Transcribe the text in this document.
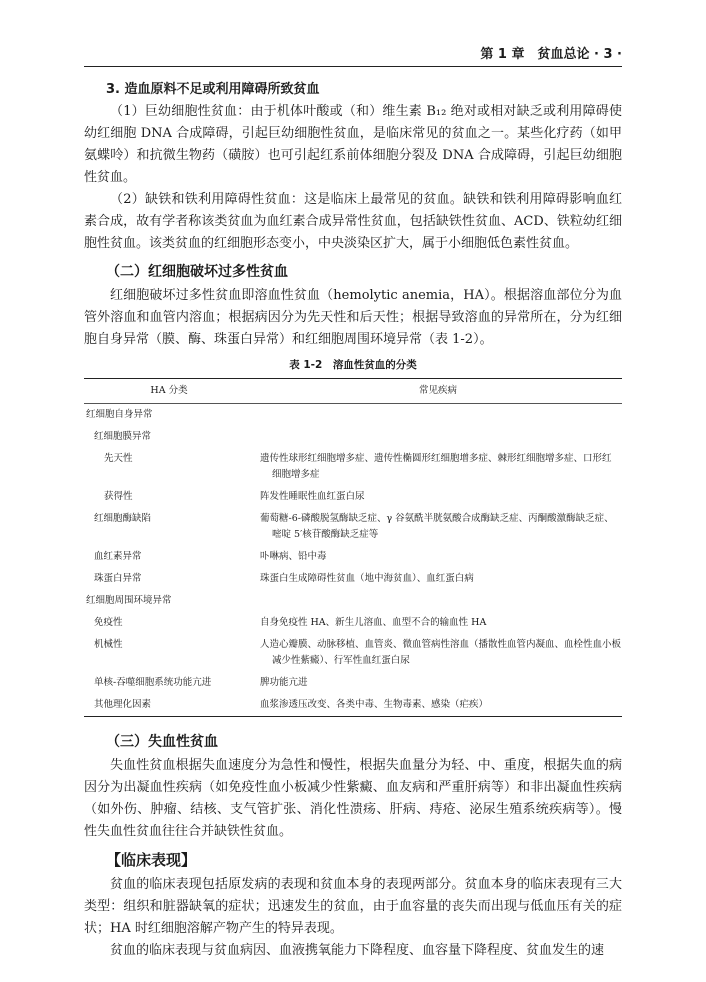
第 1 章　贫血总论 · 3 ·
3. 造血原料不足或利用障碍所致贫血

（1）巨幼细胞性贫血：由于机体叶酸或（和）维生素 B₁₂ 绝对或相对缺乏或利用障碍使幼红细胞 DNA 合成障碍，引起巨幼细胞性贫血，是临床常见的贫血之一。某些化疗药（如甲氨蝶呤）和抗微生物药（磺胺）也可引起红系前体细胞分裂及 DNA 合成障碍，引起巨幼细胞性贫血。

（2）缺铁和铁利用障碍性贫血：这是临床上最常见的贫血。缺铁和铁利用障碍影响血红素合成，故有学者称该类贫血为血红素合成异常性贫血，包括缺铁性贫血、ACD、铁粒幼红细胞性贫血。该类贫血的红细胞形态变小，中央淡染区扩大，属于小细胞低色素性贫血。

（二）红细胞破坏过多性贫血

红细胞破坏过多性贫血即溶血性贫血（hemolytic anemia，HA）。根据溶血部位分为血管外溶血和血管内溶血；根据病因分为先天性和后天性；根据导致溶血的异常所在，分为红细胞自身异常（膜、酶、珠蛋白异常）和红细胞周围环境异常（表 1-2）。

表 1-2　溶血性贫血的分类
HA 分类	常见疾病
红细胞自身异常	
红细胞膜异常	
先天性	遗传性球形红细胞增多症、遗传性椭圆形红细胞增多症、棘形红细胞增多症、口形红
细胞增多症

获得性	阵发性睡眠性血红蛋白尿
红细胞酶缺陷	葡萄糖-6-磷酸脱氢酶缺乏症、γ 谷氨酰半胱氨酸合成酶缺乏症、丙酮酸激酶缺乏症、
嘧啶 5′核苷酸酶缺乏症等

血红素异常	卟啉病、铅中毒
珠蛋白异常	珠蛋白生成障碍性贫血（地中海贫血）、血红蛋白病
红细胞周围环境异常	
免疫性	自身免疫性 HA、新生儿溶血、血型不合的输血性 HA
机械性	人造心瓣膜、动脉移植、血管炎、微血管病性溶血（播散性血管内凝血、血栓性血小板
减少性紫癜）、行军性血红蛋白尿

单核-吞噬细胞系统功能亢进	脾功能亢进
其他理化因素	血浆渗透压改变、各类中毒、生物毒素、感染（疟疾）
（三）失血性贫血

失血性贫血根据失血速度分为急性和慢性，根据失血量分为轻、中、重度，根据失血的病因分为出凝血性疾病（如免疫性血小板减少性紫癜、血友病和严重肝病等）和非出凝血性疾病（如外伤、肿瘤、结核、支气管扩张、消化性溃疡、肝病、痔疮、泌尿生殖系统疾病等）。慢性失血性贫血往往合并缺铁性贫血。

【临床表现】

贫血的临床表现包括原发病的表现和贫血本身的表现两部分。贫血本身的临床表现有三大类型：组织和脏器缺氧的症状；迅速发生的贫血，由于血容量的丧失而出现与低血压有关的症状；HA 时红细胞溶解产物产生的特异表现。

贫血的临床表现与贫血病因、血液携氧能力下降程度、血容量下降程度、贫血发生的速
